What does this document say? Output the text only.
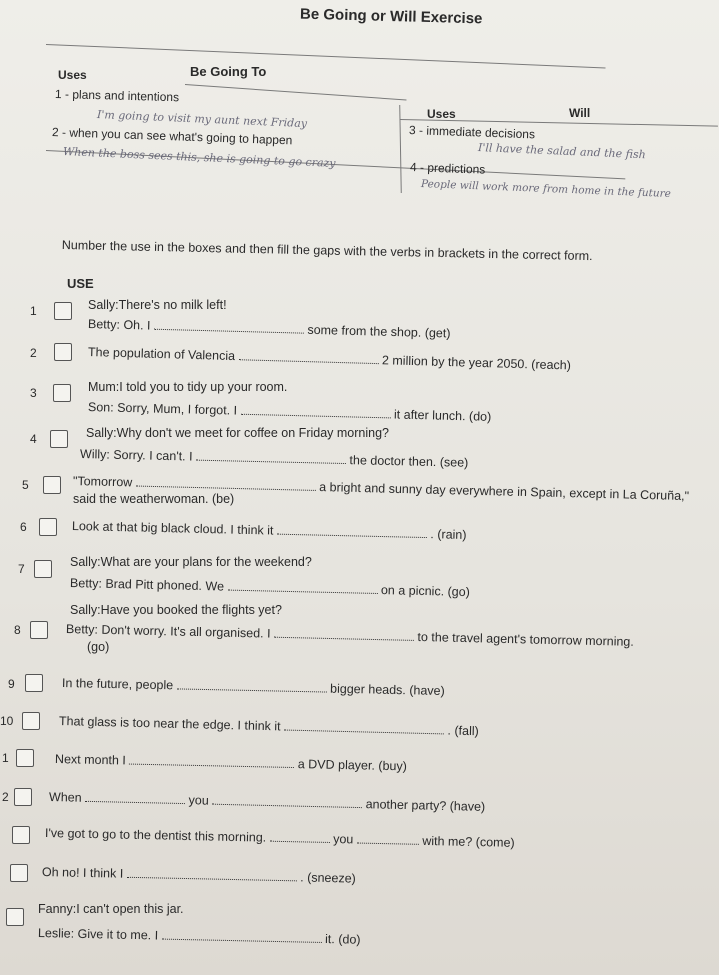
Be Going or Will Exercise
Uses	Be Going To
1 - plans and intentions
I'm going to visit my aunt next Friday
2 - when you can see what's going to happen
When the boss sees this, she is going to go crazy
Uses	Will
3 - immediate decisions
I'll have the salad and the fish
4 - predictions
People will work more from home in the future
Number the use in the boxes and then fill the gaps with the verbs in brackets in the correct form.
USE
1	Sally:There's no milk left!
Betty: Oh. I	some from the shop. (get)
2	The population of Valencia	2 million by the year 2050. (reach)
3	Mum:I told you to tidy up your room.
Son: Sorry, Mum, I forgot. I	it after lunch. (do)
4	Sally:Why don't we meet for coffee on Friday morning?
Willy: Sorry. I can't. I	the doctor then. (see)
5	"Tomorrow	a bright and sunny day everywhere in Spain, except in La Coruña,"
said the weatherwoman. (be)
6	Look at that big black cloud. I think it	. (rain)
7	Sally:What are your plans for the weekend?
Betty: Brad Pitt phoned. We	on a picnic. (go)
Sally:Have you booked the flights yet?
8	Betty: Don't worry. It's all organised. I	to the travel agent's tomorrow morning.
(go)
9	In the future, people	bigger heads. (have)
10	That glass is too near the edge. I think it	. (fall)
1	Next month I	a DVD player. (buy)
2	When	you	another party? (have)
I've got to go to the dentist this morning.	you	with me? (come)
Oh no! I think I	. (sneeze)
Fanny:I can't open this jar.
Leslie: Give it to me. I	it. (do)
